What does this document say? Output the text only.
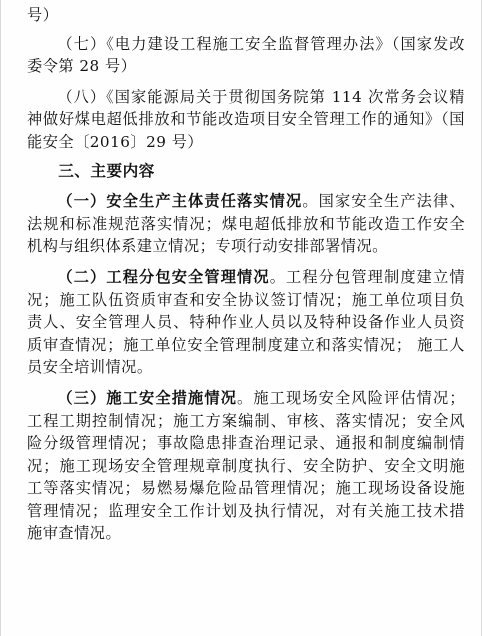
号）

（七）《电力建设工程施工安全监督管理办法》（国家发改委令第 28 号）

（八）《国家能源局关于贯彻国务院第 114 次常务会议精神做好煤电超低排放和节能改造项目安全管理工作的通知》（国能安全〔2016〕29 号）

三、主要内容

（一）安全生产主体责任落实情况。国家安全生产法律、法规和标准规范落实情况；煤电超低排放和节能改造工作安全机构与组织体系建立情况；专项行动安排部署情况。

（二）工程分包安全管理情况。工程分包管理制度建立情况；施工队伍资质审查和安全协议签订情况；施工单位项目负责人、安全管理人员、特种作业人员以及特种设备作业人员资质审查情况；施工单位安全管理制度建立和落实情况； 施工人员安全培训情况。

（三）施工安全措施情况。施工现场安全风险评估情况；工程工期控制情况；施工方案编制、审核、落实情况；安全风险分级管理情况；事故隐患排查治理记录、通报和制度编制情况；施工现场安全管理规章制度执行、安全防护、安全文明施工等落实情况；易燃易爆危险品管理情况；施工现场设备设施管理情况；监理安全工作计划及执行情况，对有关施工技术措施审查情况。
